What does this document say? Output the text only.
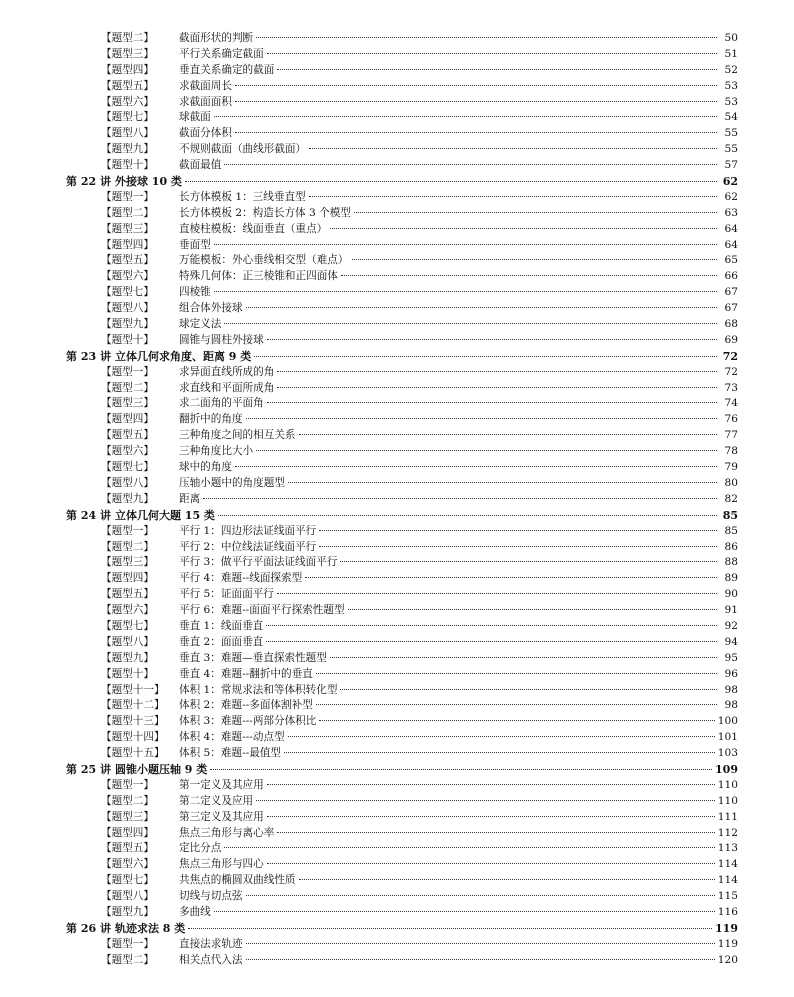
【题型二】	截面形状的判断	50
【题型三】	平行关系确定截面	51
【题型四】	垂直关系确定的截面	52
【题型五】	求截面周长	53
【题型六】	求截面面积	53
【题型七】	球截面	54
【题型八】	截面分体积	55
【题型九】	不规则截面（曲线形截面）	55
【题型十】	截面最值	57
第 22 讲 外接球 10 类	62
【题型一】	长方体模板 1：三线垂直型	62
【题型二】	长方体模板 2：构造长方体 3 个模型	63
【题型三】	直棱柱模板：线面垂直（重点）	64
【题型四】	垂面型	64
【题型五】	万能模板：外心垂线相交型（难点）	65
【题型六】	特殊几何体：正三棱锥和正四面体	66
【题型七】	四棱锥	67
【题型八】	组合体外接球	67
【题型九】	球定义法	68
【题型十】	圆锥与圆柱外接球	69
第 23 讲 立体几何求角度、距离 9 类	72
【题型一】	求异面直线所成的角	72
【题型二】	求直线和平面所成角	73
【题型三】	求二面角的平面角	74
【题型四】	翻折中的角度	76
【题型五】	三种角度之间的相互关系	77
【题型六】	三种角度比大小	78
【题型七】	球中的角度	79
【题型八】	压轴小题中的角度题型	80
【题型九】	距离	82
第 24 讲 立体几何大题 15 类	85
【题型一】	平行 1：四边形法证线面平行	85
【题型二】	平行 2：中位线法证线面平行	86
【题型三】	平行 3：做平行平面法证线面平行	88
【题型四】	平行 4：难题--线面探索型	89
【题型五】	平行 5：证面面平行	90
【题型六】	平行 6：难题--面面平行探索性题型	91
【题型七】	垂直 1：线面垂直	92
【题型八】	垂直 2：面面垂直	94
【题型九】	垂直 3：难题—垂直探索性题型	95
【题型十】	垂直 4：难题--翻折中的垂直	96
【题型十一】	体积 1：常规求法和等体积转化型	98
【题型十二】	体积 2：难题--多面体割补型	98
【题型十三】	体积 3：难题---两部分体积比	100
【题型十四】	体积 4：难题---动点型	101
【题型十五】	体积 5：难题--最值型	103
第 25 讲 圆锥小题压轴 9 类	109
【题型一】	第一定义及其应用	110
【题型二】	第二定义及应用	110
【题型三】	第三定义及其应用	111
【题型四】	焦点三角形与离心率	112
【题型五】	定比分点	113
【题型六】	焦点三角形与四心	114
【题型七】	共焦点的椭圆双曲线性质	114
【题型八】	切线与切点弦	115
【题型九】	多曲线	116
第 26 讲 轨迹求法 8 类	119
【题型一】	直接法求轨迹	119
【题型二】	相关点代入法	120
